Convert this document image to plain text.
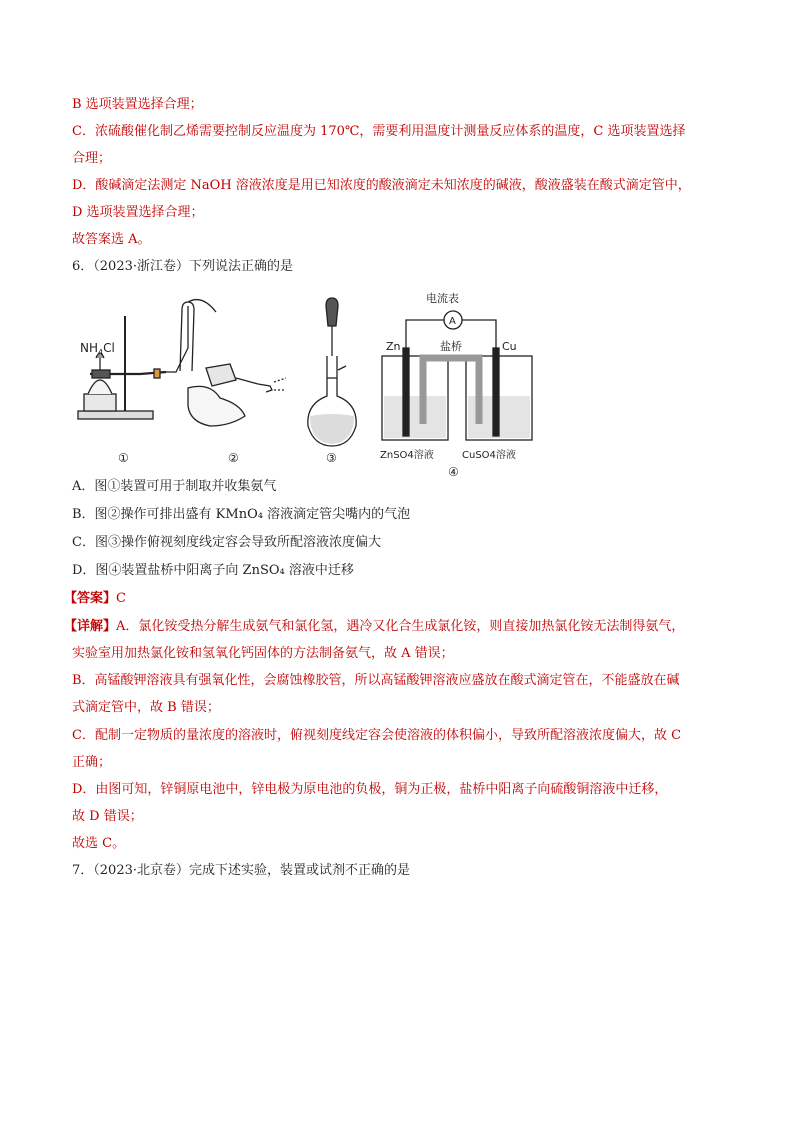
B 选项装置选择合理；
C．浓硫酸催化制乙烯需要控制反应温度为 170℃，需要利用温度计测量反应体系的温度，C 选项装置选择
合理；
D．酸碱滴定法测定 NaOH 溶液浓度是用已知浓度的酸液滴定未知浓度的碱液，酸液盛装在酸式滴定管中，
D 选项装置选择合理；
故答案选 A。
6．（2023·浙江卷）下列说法正确的是
$NH_4Cl$
电流表
A
盐桥
Zn	Cu
ZnSO4溶液	CuSO4溶液
①	②	③
④
A．图①装置可用于制取并收集氨气
B．图②操作可排出盛有 KMnO₄ 溶液滴定管尖嘴内的气泡
C．图③操作俯视刻度线定容会导致所配溶液浓度偏大
D．图④装置盐桥中阳离子向 ZnSO₄ 溶液中迁移
【答案】C
【详解】A．氯化铵受热分解生成氨气和氯化氢，遇冷又化合生成氯化铵，则直接加热氯化铵无法制得氨气，
实验室用加热氯化铵和氢氧化钙固体的方法制备氨气，故 A 错误；
B．高锰酸钾溶液具有强氧化性，会腐蚀橡胶管，所以高锰酸钾溶液应盛放在酸式滴定管在，不能盛放在碱
式滴定管中，故 B 错误；
C．配制一定物质的量浓度的溶液时，俯视刻度线定容会使溶液的体积偏小，导致所配溶液浓度偏大，故 C
正确；
D．由图可知，锌铜原电池中，锌电极为原电池的负极，铜为正极，盐桥中阳离子向硫酸铜溶液中迁移，
故 D 错误；
故选 C。
7．（2023·北京卷）完成下述实验，装置或试剂不正确的是
